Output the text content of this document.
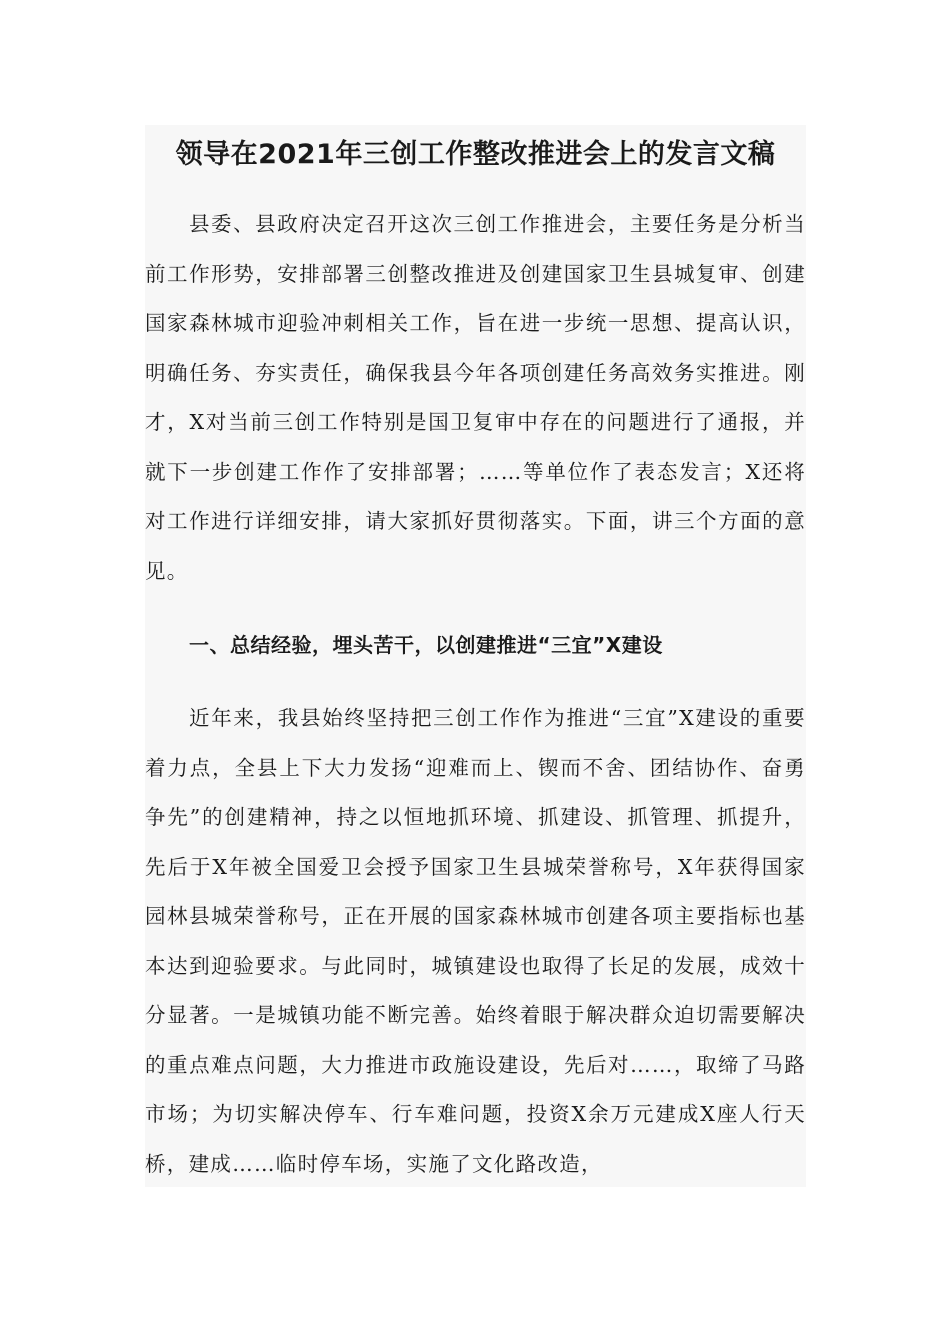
领导在2021年三创工作整改推进会上的发言文稿

县委、县政府决定召开这次三创工作推进会，主要任务是分析当前工作形势，安排部署三创整改推进及创建国家卫生县城复审、创建国家森林城市迎验冲刺相关工作，旨在进一步统一思想、提高认识，明确任务、夯实责任，确保我县今年各项创建任务高效务实推进。刚才，X对当前三创工作特别是国卫复审中存在的问题进行了通报，并就下一步创建工作作了安排部署；……等单位作了表态发言；X还将对工作进行详细安排，请大家抓好贯彻落实。下面，讲三个方面的意见。

一、总结经验，埋头苦干，以创建推进“三宜”X建设

近年来，我县始终坚持把三创工作作为推进“三宜”X建设的重要着力点，全县上下大力发扬“迎难而上、锲而不舍、团结协作、奋勇争先”的创建精神，持之以恒地抓环境、抓建设、抓管理、抓提升，先后于X年被全国爱卫会授予国家卫生县城荣誉称号，X年获得国家园林县城荣誉称号，正在开展的国家森林城市创建各项主要指标也基本达到迎验要求。与此同时，城镇建设也取得了长足的发展，成效十分显著。一是城镇功能不断完善。始终着眼于解决群众迫切需要解决的重点难点问题，大力推进市政施设建设，先后对……，取缔了马路市场；为切实解决停车、行车难问题，投资X余万元建成X座人行天桥，建成……临时停车场，实施了文化路改造，
